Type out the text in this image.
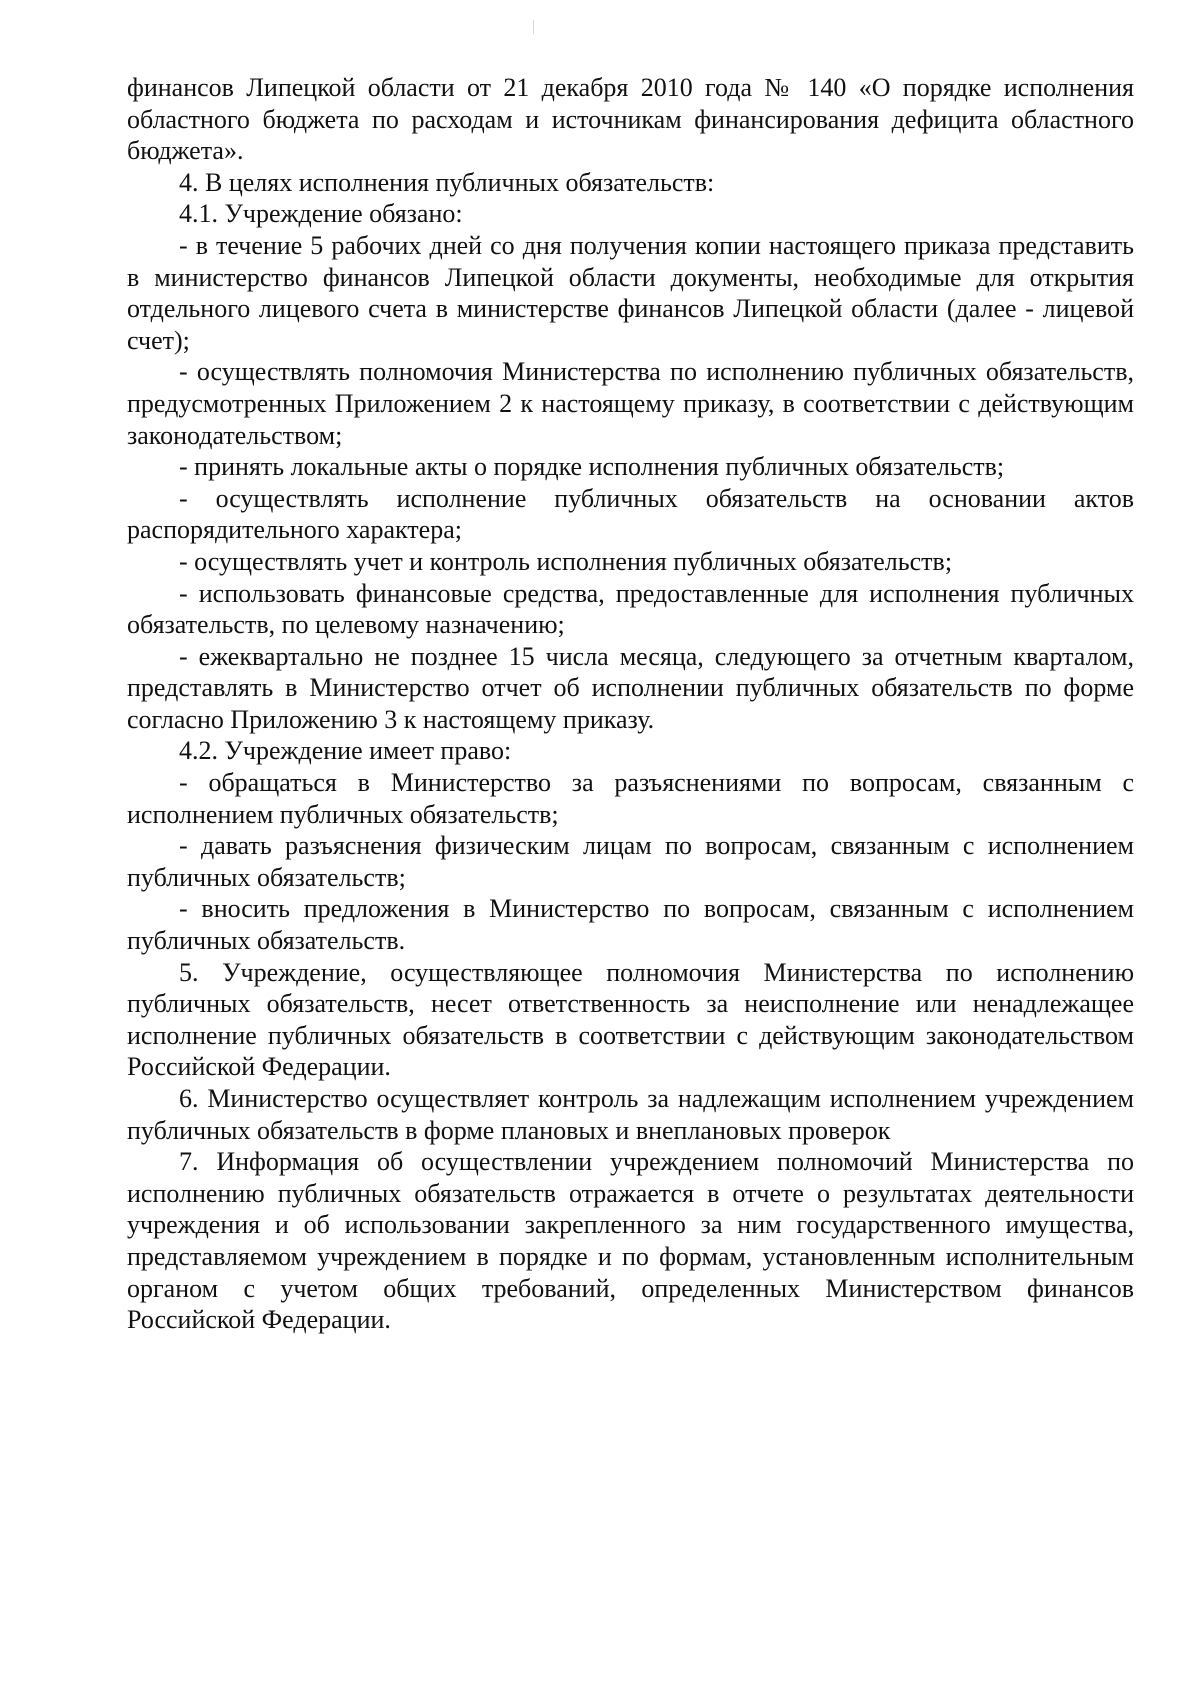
финансов Липецкой области от 21 декабря 2010 года № 140 «О порядке исполнения областного бюджета по расходам и источникам финансирования дефицита областного бюджета».

4. В целях исполнения публичных обязательств:

4.1. Учреждение обязано:

- в течение 5 рабочих дней со дня получения копии настоящего приказа представить в министерство финансов Липецкой области документы, необходимые для открытия отдельного лицевого счета в министерстве финансов Липецкой области (далее - лицевой счет);

- осуществлять полномочия Министерства по исполнению публичных обязательств, предусмотренных Приложением 2 к настоящему приказу, в соответствии с действующим законодательством;

- принять локальные акты о порядке исполнения публичных обязательств;

- осуществлять исполнение публичных обязательств на основании актов распорядительного характера;

- осуществлять учет и контроль исполнения публичных обязательств;

- использовать финансовые средства, предоставленные для исполнения публичных обязательств, по целевому назначению;

- ежеквартально не позднее 15 числа месяца, следующего за отчетным кварталом, представлять в Министерство отчет об исполнении публичных обязательств по форме согласно Приложению 3 к настоящему приказу.

4.2. Учреждение имеет право:

- обращаться в Министерство за разъяснениями по вопросам, связанным с исполнением публичных обязательств;

- давать разъяснения физическим лицам по вопросам, связанным с исполнением публичных обязательств;

- вносить предложения в Министерство по вопросам, связанным с исполнением публичных обязательств.

5. Учреждение, осуществляющее полномочия Министерства по исполнению публичных обязательств, несет ответственность за неисполнение или ненадлежащее исполнение публичных обязательств в соответствии с действующим законодательством Российской Федерации.

6. Министерство осуществляет контроль за надлежащим исполнением учреждением публичных обязательств в форме плановых и внеплановых проверок

7. Информация об осуществлении учреждением полномочий Министерства по исполнению публичных обязательств отражается в отчете о результатах деятельности учреждения и об использовании закрепленного за ним государственного имущества, представляемом учреждением в порядке и по формам, установленным исполнительным органом с учетом общих требований, определенных Министерством финансов Российской Федерации.
